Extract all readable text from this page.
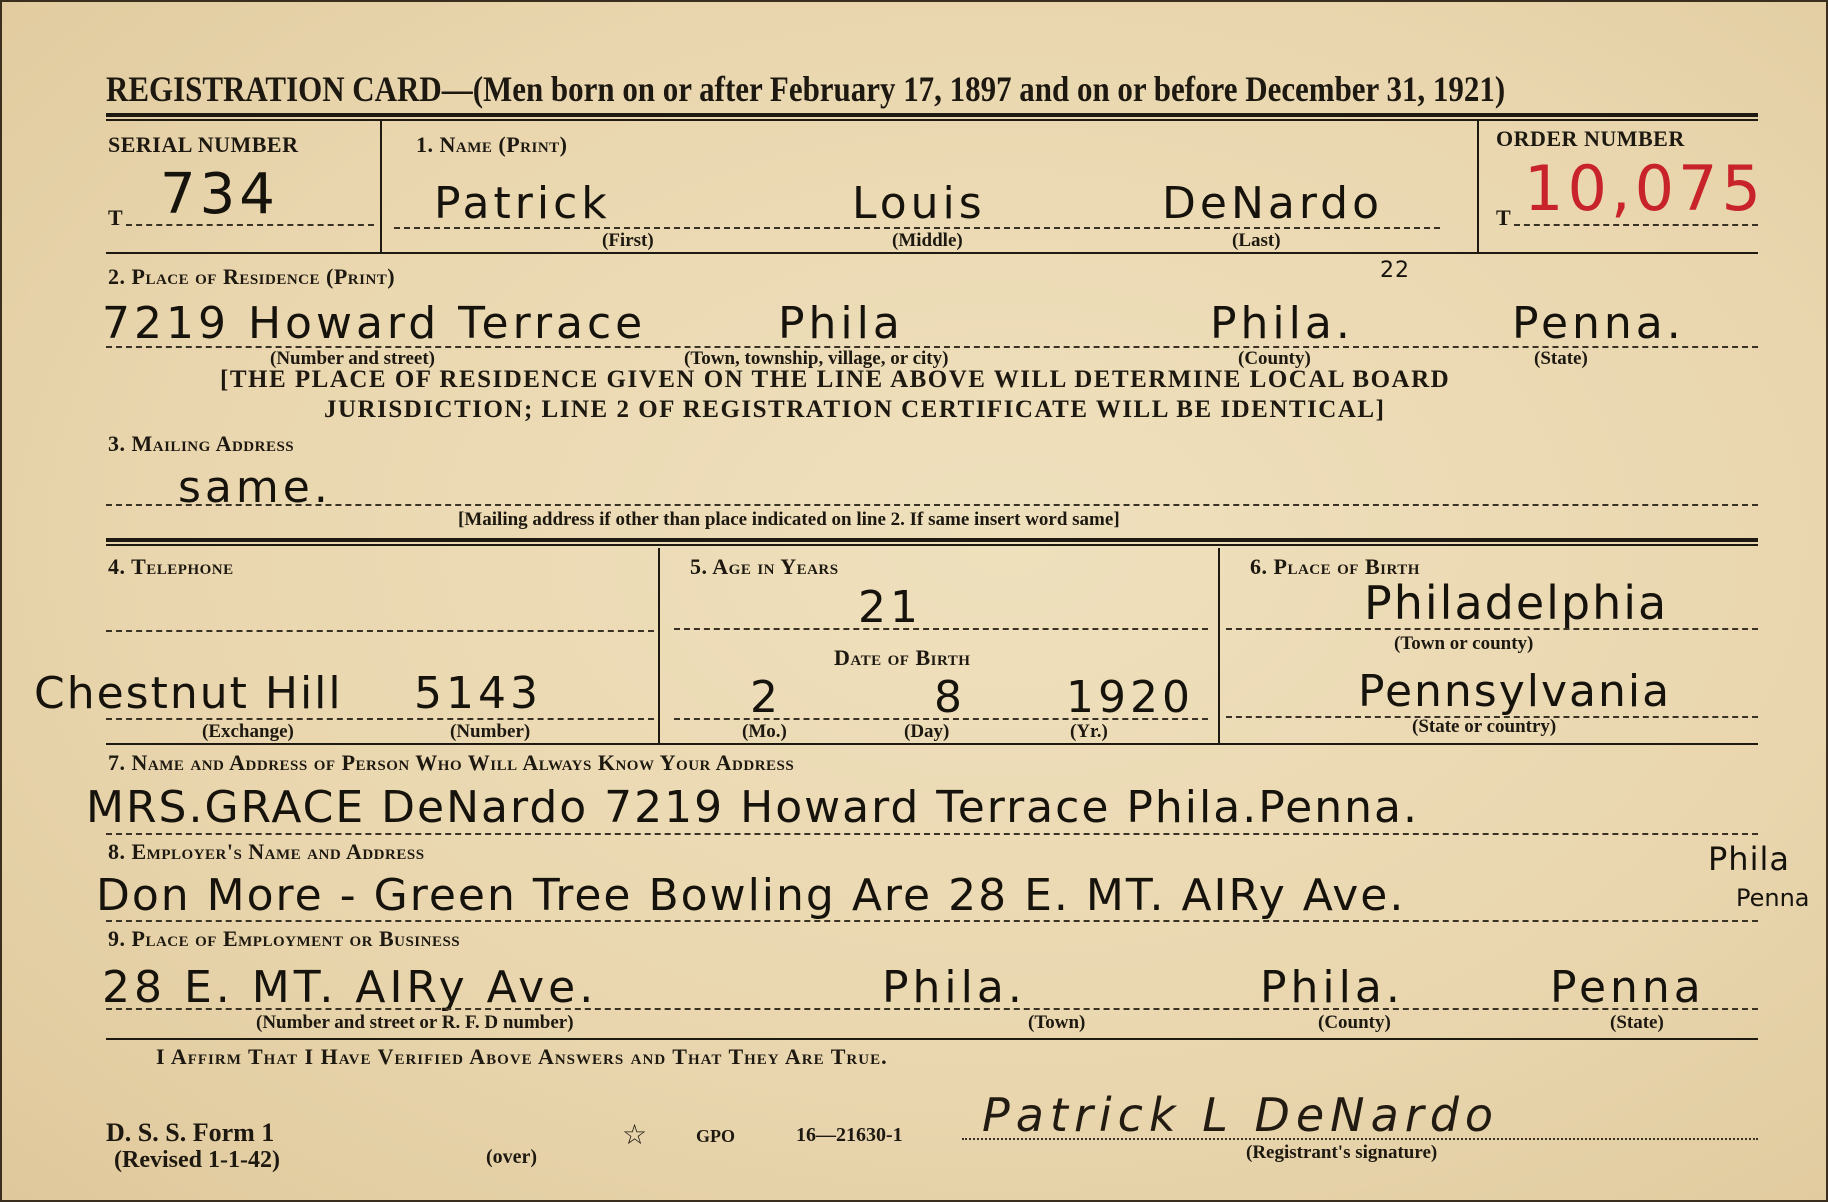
REGISTRATION CARD—(Men born on or after February 17, 1897 and on or before December 31, 1921)
SERIAL NUMBER
T 734
1. Name (Print)
Patrick	Louis	DeNardo
(First)	(Middle)	(Last)
ORDER NUMBER
T 10,075
2. Place of Residence (Print)	22
7219 Howard Terrace	Phila	Phila.	Penna.
(Number and street)	(Town, township, village, or city)	(County)	(State)
[THE PLACE OF RESIDENCE GIVEN ON THE LINE ABOVE WILL DETERMINE LOCAL BOARD
JURISDICTION; LINE 2 OF REGISTRATION CERTIFICATE WILL BE IDENTICAL]
3. Mailing Address
same.
[Mailing address if other than place indicated on line 2. If same insert word same]
4. Telephone
Chestnut Hill 5143
(Exchange)	(Number)
5. Age in Years
21
Date of Birth
2	8 1920
(Mo.)	(Day)	(Yr.)
6. Place of Birth
Philadelphia
(Town or county)
Pennsylvania
(State or country)
7. Name and Address of Person Who Will Always Know Your Address
MRS.GRACE DeNardo 7219 Howard Terrace Phila.Penna.
8. Employer's Name and Address	Phila
Don More - Green Tree Bowling Are 28 E. MT. AIRy Ave.	Penna
9. Place of Employment or Business
28 E. MT. AIRy Ave.	Phila.	Phila.	Penna
(Number and street or R. F. D number)	(Town)	(County)	(State)
I Affirm That I Have Verified Above Answers and That They Are True.
D. S. S. Form 1
(Revised 1-1-42)	(over)
☆	GPO	16—21630-1 Patrick L DeNardo
(Registrant's signature)
